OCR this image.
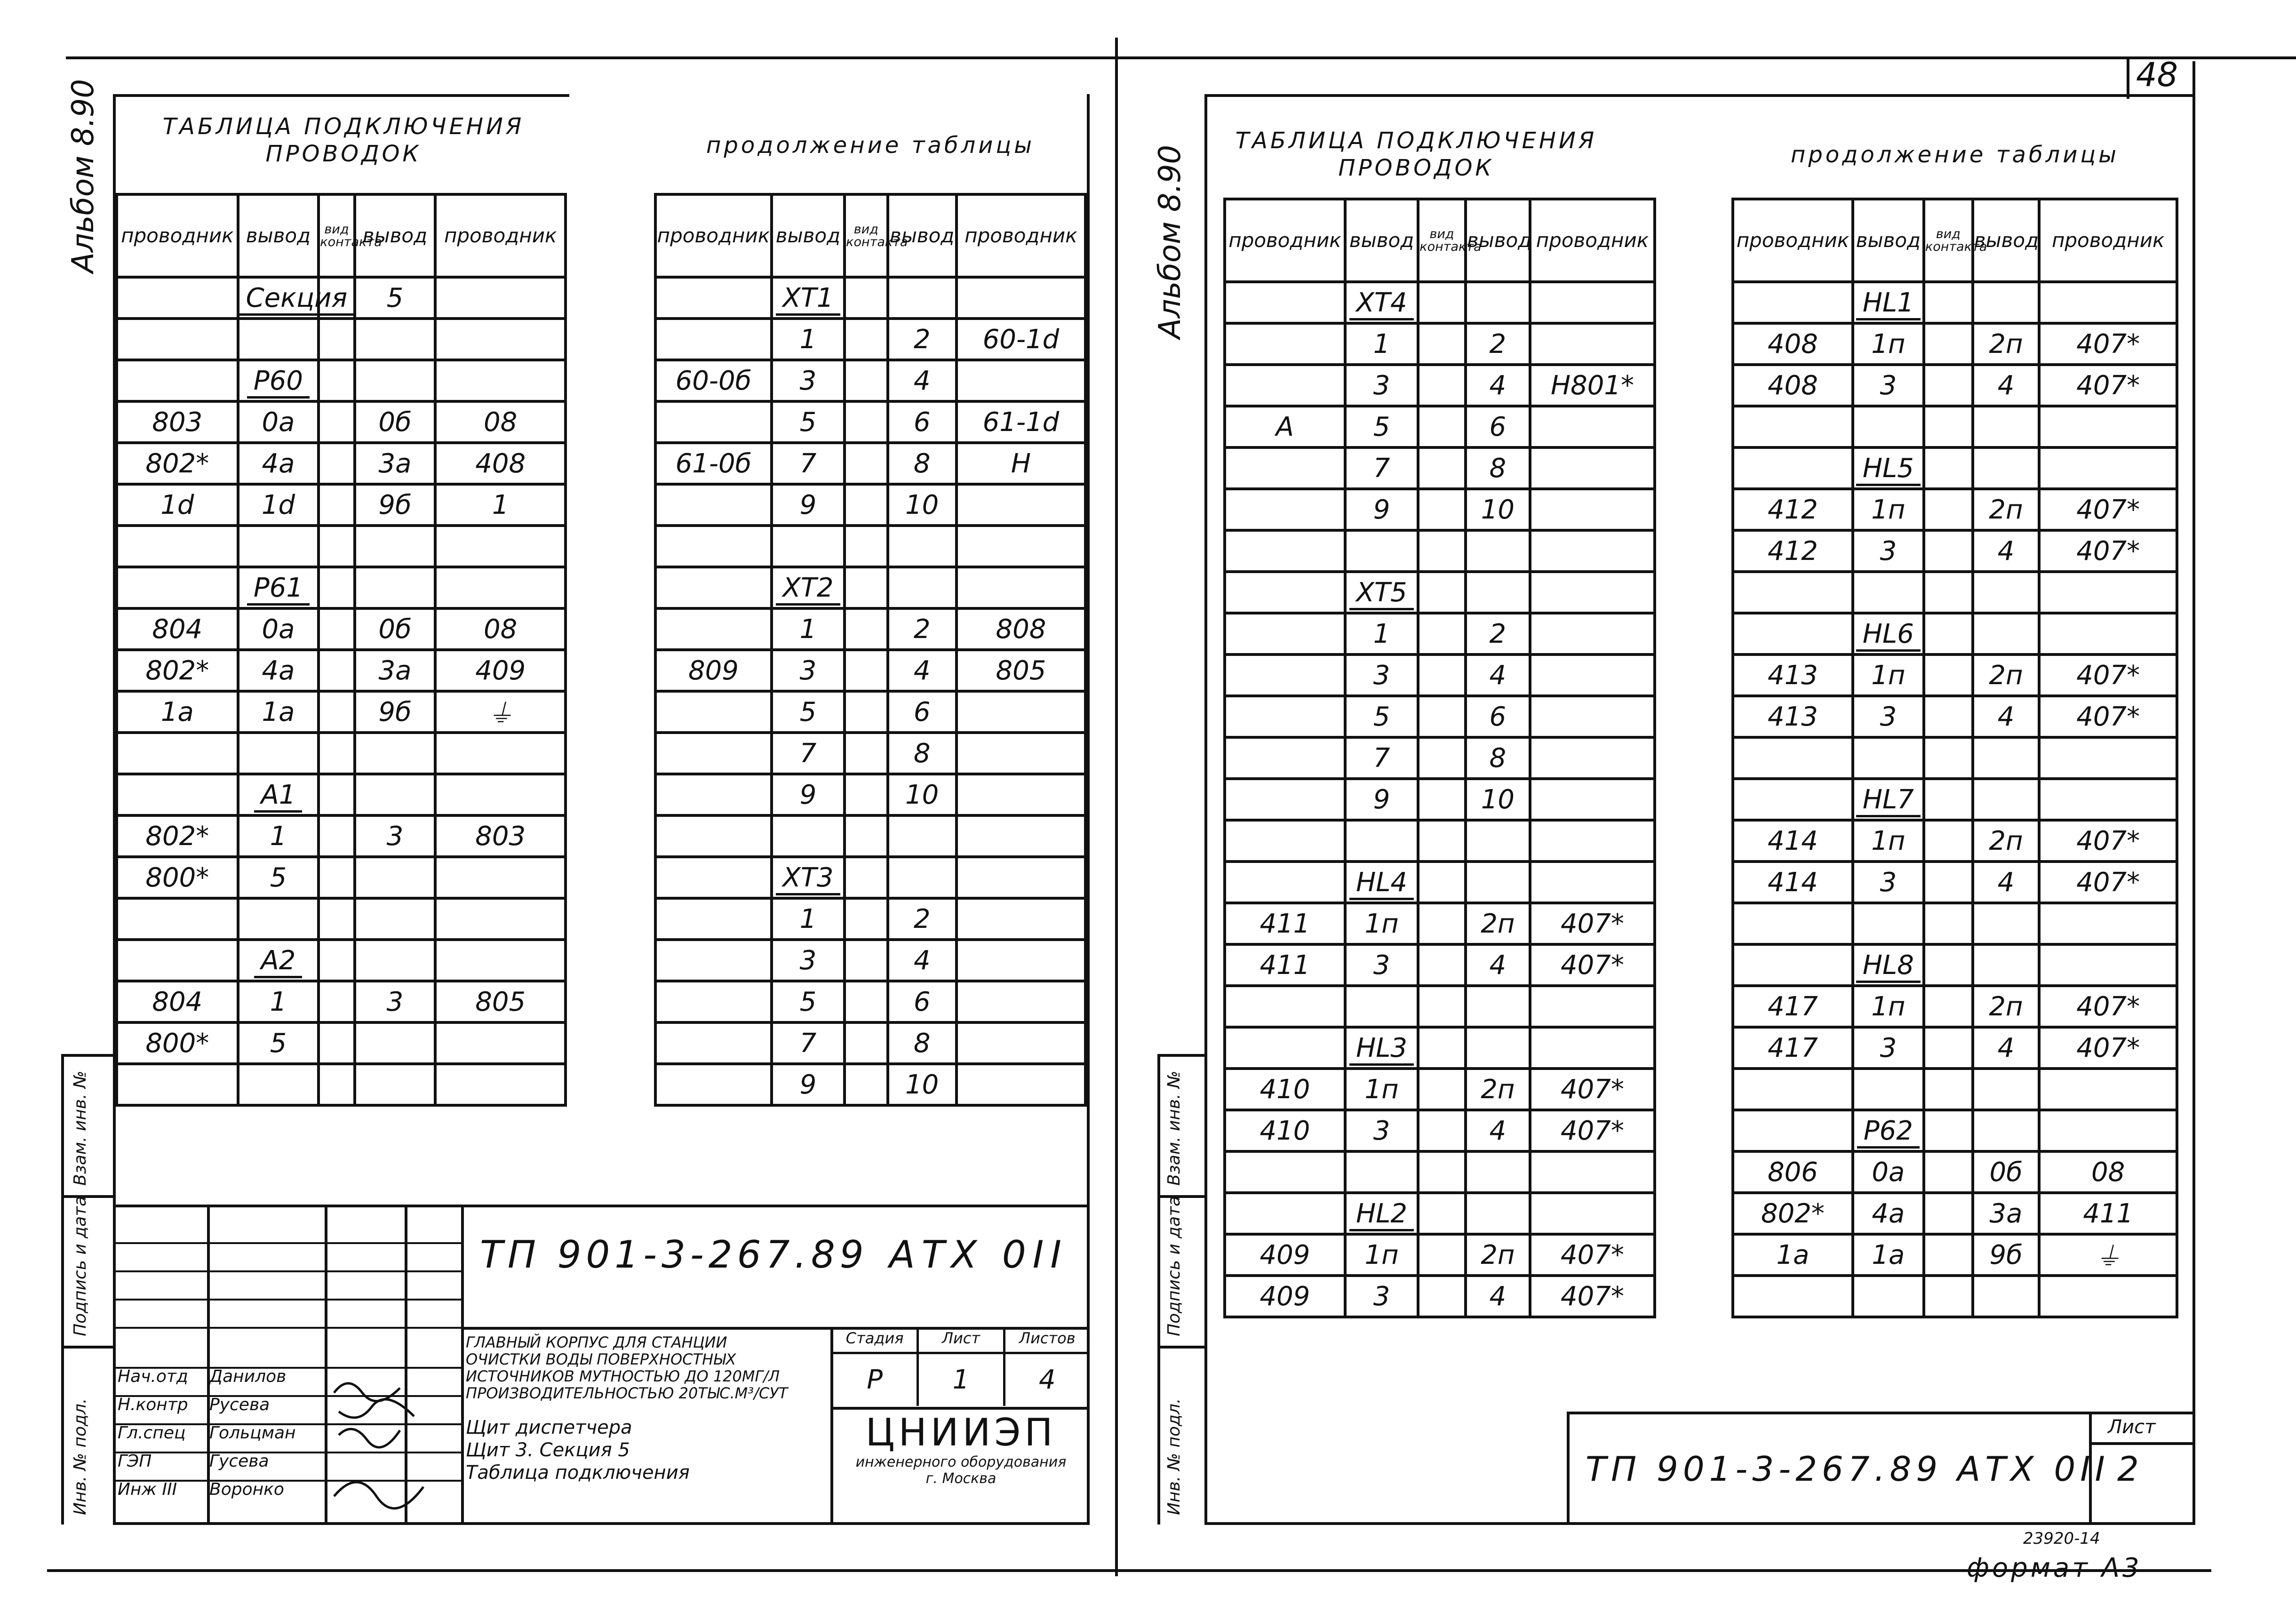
Альбом 8.90	ТАБЛИЦА ПОДКЛЮЧЕНИЯ ПРОВОДОК	продолжение таблицы
проводник	вывод	вид контакта	вывод	проводник
	Секция		5	

	Р60			
803	0а		0б	08
802*	4а		3а	408
1d	1d		9б	1

	Р61			
804	0а		0б	08
802*	4а		3а	409
1а	1а		9б	⏚

	А1			
802*	1		3	803
800*	5			

	А2			
804	1		3	805
800*	5			

проводник	вывод	вид контакта	вывод	проводник
	ХТ1			
	1		2	60-1d
60-0б	3		4	
	5		6	61-1d
61-0б	7		8	Н
	9		10	

	ХТ2			
	1		2	808
809	3		4	805
	5		6	
	7		8	
	9		10	

	ХТ3			
	1		2	
	3		4	
	5		6	
	7		8	
	9		10	
ТП 901-3-267.89 АТХ 0II
ГЛАВНЫЙ КОРПУС ДЛЯ СТАНЦИИ
ОЧИСТКИ ВОДЫ ПОВЕРХНОСТНЫХ
ИСТОЧНИКОВ МУТНОСТЬЮ ДО 120МГ/Л
ПРОИЗВОДИТЕЛЬНОСТЬЮ 20ТЫС.М³/СУТ
Щит диспетчера
Щит 3. Секция 5
Таблица подключения
Стадия	Лист	Листов
Р	1	4
ЦНИИЭП
инженерного оборудования
г. Москва
Нач.отд	Данилов
Н.контр	Русева
Гл.спец	Гольцман
ГЭП	Гусева
Инж III	Воронко
Инв. № подл.
Подпись и дата
Взам. инв. №
48
Альбом 8.90
ТАБЛИЦА ПОДКЛЮЧЕНИЯ ПРОВОДОК	продолжение таблицы
проводник	вывод	вид контакта	вывод	проводник
	ХТ4			
	1		2	
	3		4	Н801*
А	5		6	
	7		8	
	9		10	

	ХТ5			
	1		2	
	3		4	
	5		6	
	7		8	
	9		10	

	НL4			
411	1п		2п	407*
411	3		4	407*

	НL3			
410	1п		2п	407*
410	3		4	407*

	НL2			
409	1п		2п	407*
409	3		4	407*
проводник	вывод	вид контакта	вывод	проводник
	НL1			
408	1п		2п	407*
408	3		4	407*

	НL5			
412	1п		2п	407*
412	3		4	407*

	НL6			
413	1п		2п	407*
413	3		4	407*

	НL7			
414	1п		2п	407*
414	3		4	407*

	НL8			
417	1п		2п	407*
417	3		4	407*

	Р62			
806	0а		0б	08
802*	4а		3а	411
1а	1а		9б	⏚

ТП 901-3-267.89 АТХ 0II
Лист
2
Инв. № подл.
Подпись и дата
Взам. инв. №
23920-14
формат А3
